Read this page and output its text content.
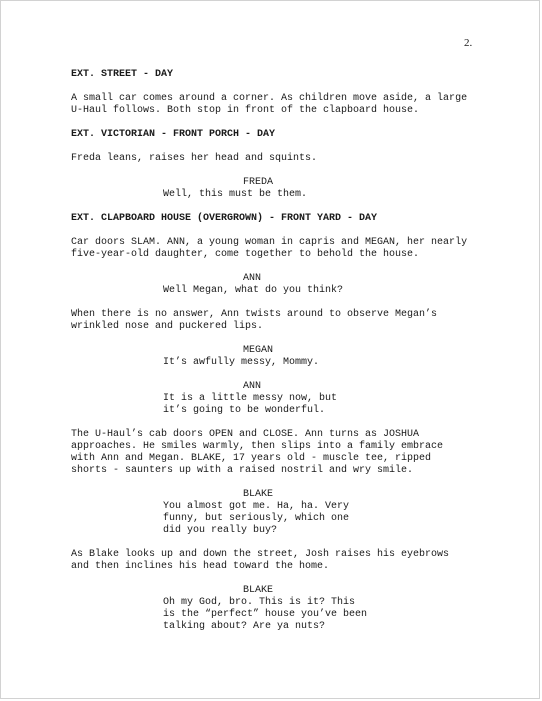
2.
EXT. STREET - DAY
A small car comes around a corner. As children move aside, a large
U-Haul follows. Both stop in front of the clapboard house.
EXT. VICTORIAN - FRONT PORCH - DAY
Freda leans, raises her head and squints.
FREDA
Well, this must be them.
EXT. CLAPBOARD HOUSE (OVERGROWN) - FRONT YARD - DAY
Car doors SLAM. ANN, a young woman in capris and MEGAN, her nearly
five-year-old daughter, come together to behold the house.
ANN
Well Megan, what do you think?
When there is no answer, Ann twists around to observe Megan’s
wrinkled nose and puckered lips.
MEGAN
It’s awfully messy, Mommy.
ANN
It is a little messy now, but
it’s going to be wonderful.
The U-Haul’s cab doors OPEN and CLOSE. Ann turns as JOSHUA
approaches. He smiles warmly, then slips into a family embrace
with Ann and Megan. BLAKE, 17 years old - muscle tee, ripped
shorts - saunters up with a raised nostril and wry smile.
BLAKE
You almost got me. Ha, ha. Very
funny, but seriously, which one
did you really buy?
As Blake looks up and down the street, Josh raises his eyebrows
and then inclines his head toward the home.
BLAKE
Oh my God, bro. This is it? This
is the “perfect” house you’ve been
talking about? Are ya nuts?
